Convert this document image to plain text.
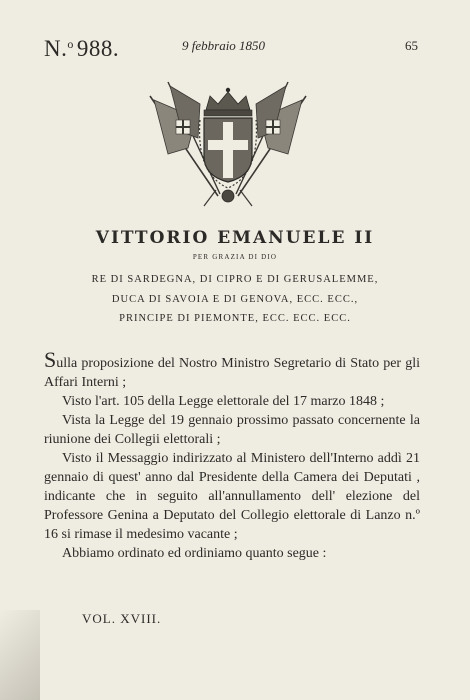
N.$^o$ 988.	9 febbraio 1850	65
VITTORIO EMANUELE II
PER GRAZIA DI DIO
RE DI SARDEGNA, DI CIPRO E DI GERUSALEMME,
DUCA DI SAVOIA E DI GENOVA, ECC. ECC.,
PRINCIPE DI PIEMONTE, ECC. ECC. ECC.

Sulla proposizione del Nostro Ministro Segretario di Stato per gli Affari Interni ;

Visto l'art. 105 della Legge elettorale del 17 marzo 1848 ;

Vista la Legge del 19 gennaio prossimo passato concernente la riunione dei Collegii elettorali ;

Visto il Messaggio indirizzato al Ministero dell'Interno addì 21 gennaio di quest' anno dal Presidente della Camera dei Deputati , indicante che in seguito all'annullamento dell' elezione del Professore Genina a Deputato del Collegio elettorale di Lanzo n.º 16 si rimase il medesimo vacante ;

Abbiamo ordinato ed ordiniamo quanto segue :

VOL. XVIII.
